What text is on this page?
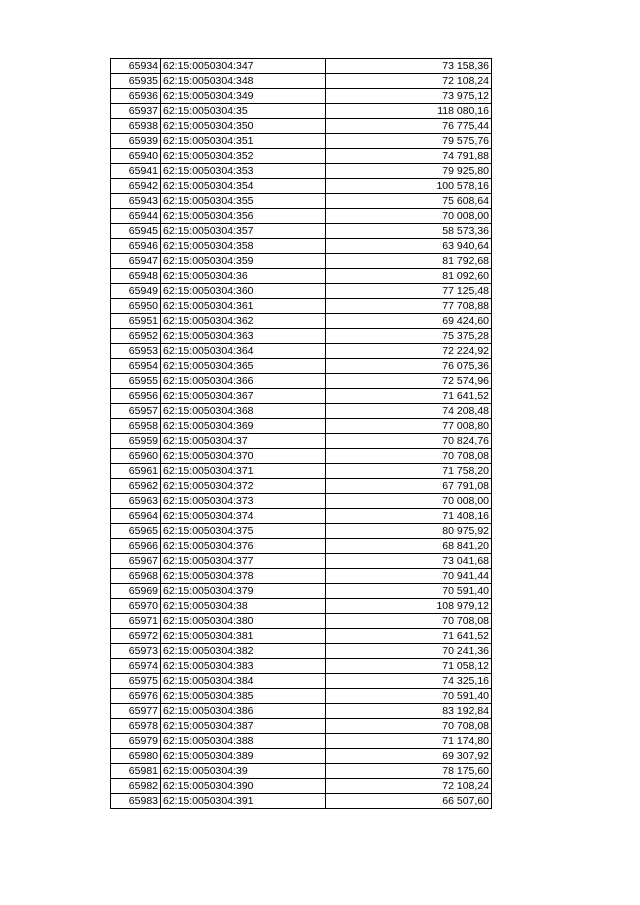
65934	62:15:0050304:347	73 158,36
65935	62:15:0050304:348	72 108,24
65936	62:15:0050304:349	73 975,12
65937	62:15:0050304:35	118 080,16
65938	62:15:0050304:350	76 775,44
65939	62:15:0050304:351	79 575,76
65940	62:15:0050304:352	74 791,88
65941	62:15:0050304:353	79 925,80
65942	62:15:0050304:354	100 578,16
65943	62:15:0050304:355	75 608,64
65944	62:15:0050304:356	70 008,00
65945	62:15:0050304:357	58 573,36
65946	62:15:0050304:358	63 940,64
65947	62:15:0050304:359	81 792,68
65948	62:15:0050304:36	81 092,60
65949	62:15:0050304:360	77 125,48
65950	62:15:0050304:361	77 708,88
65951	62:15:0050304:362	69 424,60
65952	62:15:0050304:363	75 375,28
65953	62:15:0050304:364	72 224,92
65954	62:15:0050304:365	76 075,36
65955	62:15:0050304:366	72 574,96
65956	62:15:0050304:367	71 641,52
65957	62:15:0050304:368	74 208,48
65958	62:15:0050304:369	77 008,80
65959	62:15:0050304:37	70 824,76
65960	62:15:0050304:370	70 708,08
65961	62:15:0050304:371	71 758,20
65962	62:15:0050304:372	67 791,08
65963	62:15:0050304:373	70 008,00
65964	62:15:0050304:374	71 408,16
65965	62:15:0050304:375	80 975,92
65966	62:15:0050304:376	68 841,20
65967	62:15:0050304:377	73 041,68
65968	62:15:0050304:378	70 941,44
65969	62:15:0050304:379	70 591,40
65970	62:15:0050304:38	108 979,12
65971	62:15:0050304:380	70 708,08
65972	62:15:0050304:381	71 641,52
65973	62:15:0050304:382	70 241,36
65974	62:15:0050304:383	71 058,12
65975	62:15:0050304:384	74 325,16
65976	62:15:0050304:385	70 591,40
65977	62:15:0050304:386	83 192,84
65978	62:15:0050304:387	70 708,08
65979	62:15:0050304:388	71 174,80
65980	62:15:0050304:389	69 307,92
65981	62:15:0050304:39	78 175,60
65982	62:15:0050304:390	72 108,24
65983	62:15:0050304:391	66 507,60
